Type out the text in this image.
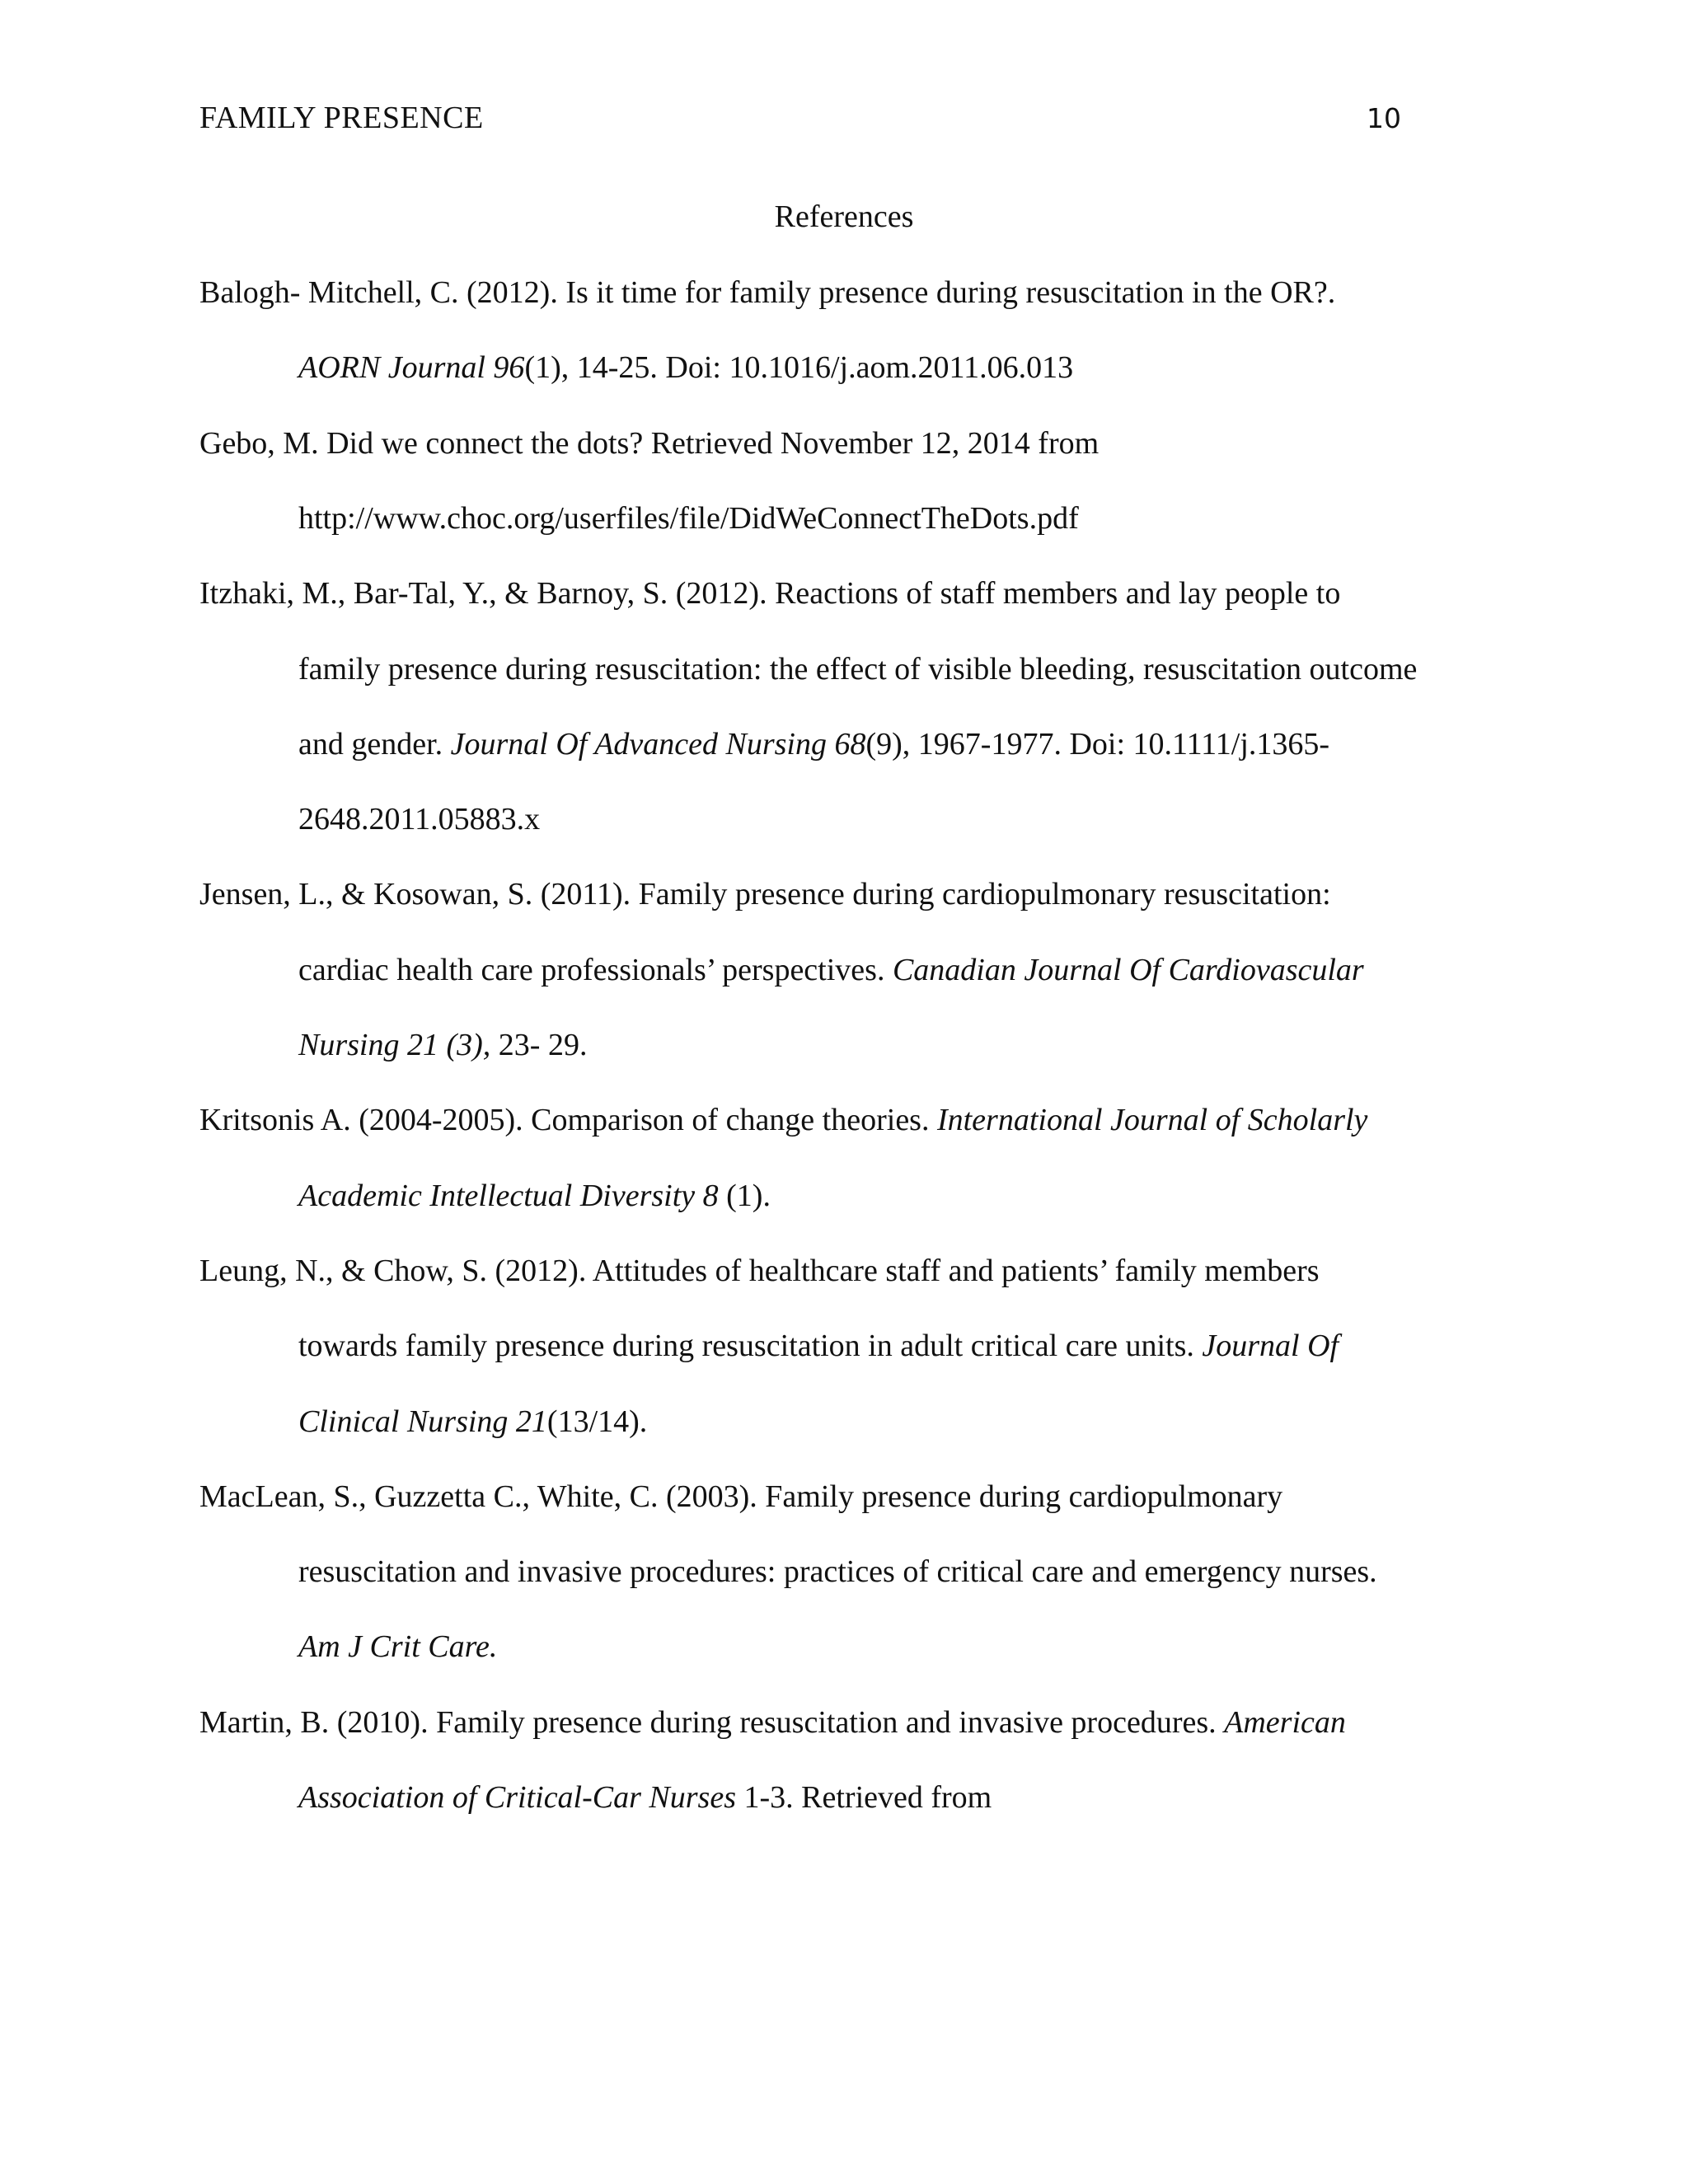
FAMILY PRESENCE	10
References
Balogh- Mitchell, C. (2012). Is it time for family presence during resuscitation in the OR?.
AORN Journal 96(1), 14-25. Doi: 10.1016/j.aom.2011.06.013
Gebo, M. Did we connect the dots? Retrieved November 12, 2014 from
http://www.choc.org/userfiles/file/DidWeConnectTheDots.pdf
Itzhaki, M., Bar-Tal, Y., & Barnoy, S. (2012). Reactions of staff members and lay people to
family presence during resuscitation: the effect of visible bleeding, resuscitation outcome
and gender. Journal Of Advanced Nursing 68(9), 1967-1977. Doi: 10.1111/j.1365-
2648.2011.05883.x
Jensen, L., & Kosowan, S. (2011). Family presence during cardiopulmonary resuscitation:
cardiac health care professionals’ perspectives. Canadian Journal Of Cardiovascular
Nursing 21 (3), 23- 29.
Kritsonis A. (2004-2005). Comparison of change theories. International Journal of Scholarly
Academic Intellectual Diversity 8 (1).
Leung, N., & Chow, S. (2012). Attitudes of healthcare staff and patients’ family members
towards family presence during resuscitation in adult critical care units. Journal Of
Clinical Nursing 21(13/14).
MacLean, S., Guzzetta C., White, C. (2003). Family presence during cardiopulmonary
resuscitation and invasive procedures: practices of critical care and emergency nurses.
Am J Crit Care.
Martin, B. (2010). Family presence during resuscitation and invasive procedures. American
Association of Critical-Car Nurses 1-3. Retrieved from
